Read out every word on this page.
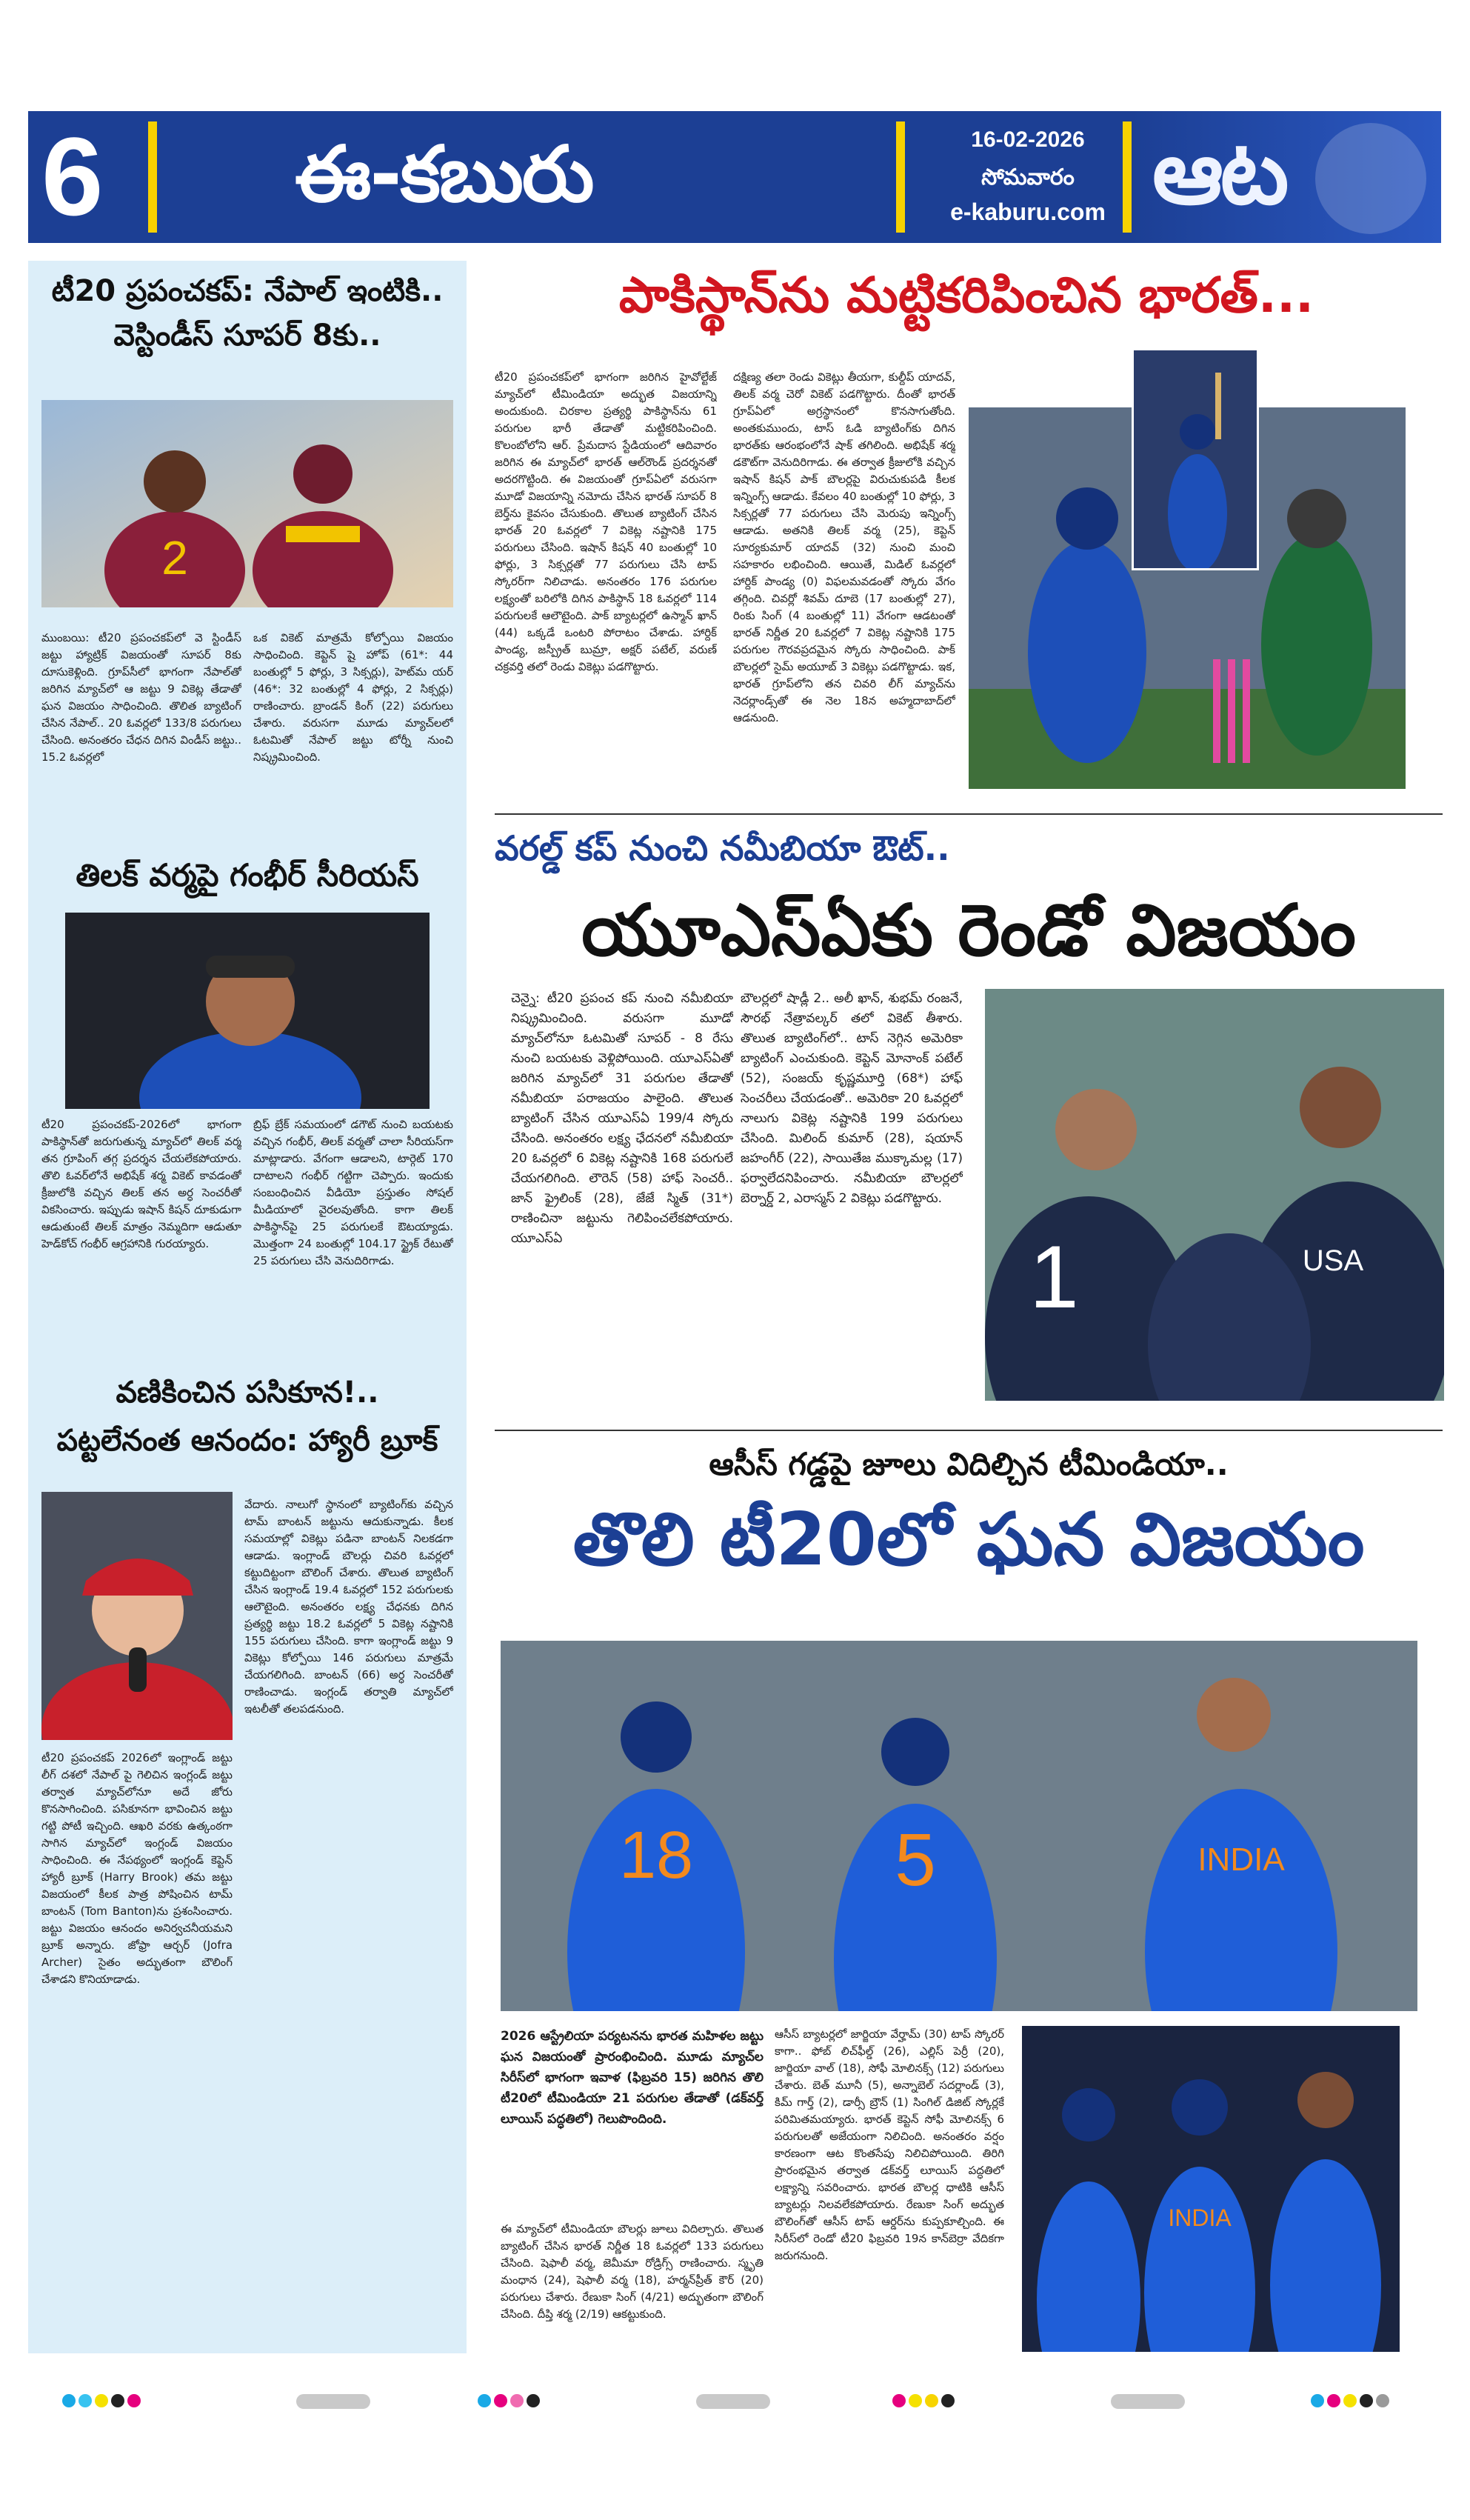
6 ఈ-కబురు	16-02-2026
సోమవారం
e-kaburu.com ఆట
టీ20 ప్రపంచకప్: నేపాల్ ఇంటికి..
వెస్టిండీస్ సూపర్ 8కు..
2
ముంబయి: టీ20 ప్రపంచకప్‌లో వె స్టిండీస్ జట్టు హ్యాట్రిక్ విజయంతో సూపర్ 8కు దూసుకెళ్లింది. గ్రూప్‌సీలో భాగంగా నేపాల్‌తో జరిగిన మ్యాచ్‌లో ఆ జట్టు 9 వికెట్ల తేడాతో ఘన విజయం సాధించింది. తొలిత బ్యాటింగ్ చేసిన నేపాల్.. 20 ఓవర్లలో 133/8 పరుగులు చేసింది. అనంతరం చేధన దిగిన విండీస్ జట్టు.. 15.2 ఓవర్లలో
ఒక వికెట్ మాత్రమే కోల్పోయి విజయం సాధించింది. కెప్టెన్ షై హోప్ (61*: 44 బంతుల్లో 5 ఫోర్లు, 3 సిక్సర్లు), హెట్‌మ యర్ (46*: 32 బంతుల్లో 4 ఫోర్లు, 2 సిక్సర్లు) రాణించారు. బ్రాండన్ కింగ్ (22) పరుగులు చేశారు. వరుసగా మూడు మ్యాచ్‌లలో ఓటమితో నేపాల్ జట్టు టోర్నీ నుంచి నిష్క్రమించింది.
తిలక్ వర్మపై గంభీర్ సీరియస్
టీ20 ప్రపంచకప్-2026లో భాగంగా పాకిస్థాన్‌తో జరుగుతున్న మ్యాచ్‌లో తిలక్ వర్మ తన గ్రూపింగ్ తగ్గ ప్రదర్శన చేయలేకపోయారు. తొలి ఓవర్‌లోనే అభిషేక్ శర్మ వికెట్ కావడంతో క్రీజులోకి వచ్చిన తిలక్ తన అర్ధ సెంచరీతో వికసించారు. ఇప్పుడు ఇషాన్ కిషన్ దూకుడుగా ఆడుతుంటే తిలక్ మాత్రం నెమ్మదిగా ఆడుతూ హెడ్‌కోచ్ గంభీర్ ఆగ్రహానికి గురయ్యారు.
బ్రిఫ్ బ్రేక్ సమయంలో డగౌట్ నుంచి బయటకు వచ్చిన గంభీర్, తిలక్ వర్మతో చాలా సీరియస్‌గా మాట్లాడారు. వేగంగా ఆడాలని, టార్గెట్ 170 దాటాలని గంభీర్ గట్టిగా చెప్పారు. ఇందుకు సంబంధించిన వీడియో ప్రస్తుతం సోషల్ మీడియాలో వైరలవుతోంది. కాగా తిలక్ పాకిస్థాన్‌పై 25 పరుగులకే ఔటయ్యాడు. మొత్తంగా 24 బంతుల్లో 104.17 స్ట్రైక్ రేటుతో 25 పరుగులు చేసి వెనుదిరిగాడు.
వణికించిన పసికూన!..
పట్టలేనంత ఆనందం: హ్యారీ బ్రూక్
టీ20 ప్రపంచకప్ 2026లో ఇంగ్లాండ్ జట్టు లీగ్ దశలో నేపాల్ పై గెలిచిన ఇంగ్లండ్ జట్టు తర్వాత మ్యాచ్‌లోనూ అదే జోరు కొనసాగించింది. పసికూనగా భావించిన జట్టు గట్టి పోటీ ఇచ్చింది. ఆఖరి వరకు ఉత్కంఠగా సాగిన మ్యాచ్‌లో ఇంగ్లండ్ విజయం సాధించింది. ఈ నేపథ్యంలో ఇంగ్లండ్ కెప్టెన్ హ్యారీ బ్రూక్ (Harry Brook) తమ జట్టు విజయంలో కీలక పాత్ర పోషించిన టామ్ బాంటన్ (Tom Banton)ను ప్రశంసించారు. జట్టు విజయం ఆనందం అనిర్వచనీయమని బ్రూక్ అన్నారు. జోఫ్రా ఆర్చర్ (Jofra Archer) సైతం అద్భుతంగా బౌలింగ్ చేశాడని కొనియాడాడు.
వేదారు. నాలుగో స్థానంలో బ్యాటింగ్‌కు వచ్చిన టామ్ బాంటన్ జట్టును ఆదుకున్నాడు. కీలక సమయాల్లో వికెట్లు పడినా బాంటన్ నిలకడగా ఆడాడు. ఇంగ్లాండ్ బౌలర్లు చివరి ఓవర్లలో కట్టుదిట్టంగా బౌలింగ్ చేశారు. తొలుత బ్యాటింగ్ చేసిన ఇంగ్లాండ్ 19.4 ఓవర్లలో 152 పరుగులకు ఆలౌటైంది. అనంతరం లక్ష్య చేధనకు దిగిన ప్రత్యర్థి జట్టు 18.2 ఓవర్లలో 5 వికెట్ల నష్టానికి 155 పరుగులు చేసింది. కాగా ఇంగ్లాండ్ జట్టు 9 వికెట్లు కోల్పోయి 146 పరుగులు మాత్రమే చేయగలిగింది. బాంటన్ (66) అర్ధ సెంచరీతో రాణించాడు. ఇంగ్లండ్ తర్వాతి మ్యాచ్‌లో ఇటలీతో తలపడనుంది.
పాకిస్థాన్‌ను మట్టికరిపించిన భారత్...
టీ20 ప్రపంచకప్‌లో భాగంగా జరిగిన హైవోల్టేజ్ మ్యాచ్‌లో టీమిండియా అద్భుత విజయాన్ని అందుకుంది. చిరకాల ప్రత్యర్థి పాకిస్థాన్‌ను 61 పరుగుల భారీ తేడాతో మట్టికరిపించింది. కొలంబోలోని ఆర్. ప్రేమదాస స్టేడియంలో ఆదివారం జరిగిన ఈ మ్యాచ్‌లో భారత్ ఆల్‌రౌండ్ ప్రదర్శనతో అదరగొట్టింది. ఈ విజయంతో గ్రూప్‌ఏలో వరుసగా మూడో విజయాన్ని నమోదు చేసిన భారత్ సూపర్ 8 బెర్త్‌ను కైవసం చేసుకుంది. తొలుత బ్యాటింగ్ చేసిన భారత్ 20 ఓవర్లలో 7 వికెట్ల నష్టానికి 175 పరుగులు చేసింది. ఇషాన్ కిషన్ 40 బంతుల్లో 10 ఫోర్లు, 3 సిక్సర్లతో 77 పరుగులు చేసి టాప్ స్కోరర్‌గా నిలిచాడు. అనంతరం 176 పరుగుల లక్ష్యంతో బరిలోకి దిగిన పాకిస్థాన్ 18 ఓవర్లలో 114 పరుగులకే ఆలౌటైంది. పాక్ బ్యాటర్లలో ఉస్మాన్ ఖాన్ (44) ఒక్కడే ఒంటరి పోరాటం చేశాడు. హార్దిక్ పాండ్య, జస్ప్రీత్ బుమ్రా, అక్షర్ పటేల్, వరుణ్ చక్రవర్తి తలో రెండు వికెట్లు పడగొట్టారు.
దక్షిణ్య తలా రెండు వికెట్లు తీయగా, కుల్దీప్ యాదవ్, తిలక్ వర్మ చెరో వికెట్ పడగొట్టారు. దీంతో భారత్ గ్రూప్‌ఏలో అగ్రస్థానంలో కొనసాగుతోంది. అంతకుముందు, టాస్ ఓడి బ్యాటింగ్‌కు దిగిన భారత్‌కు ఆరంభంలోనే షాక్ తగిలింది. అభిషేక్ శర్మ డకౌట్‌గా వెనుదిరిగాడు. ఈ తర్వాత క్రీజులోకి వచ్చిన ఇషాన్ కిషన్ పాక్ బౌలర్లపై విరుచుకుపడి కీలక ఇన్నింగ్స్ ఆడాడు. కేవలం 40 బంతుల్లో 10 ఫోర్లు, 3 సిక్సర్లతో 77 పరుగులు చేసి మెరుపు ఇన్నింగ్స్ ఆడాడు. అతనికి తిలక్ వర్మ (25), కెప్టెన్ సూర్యకుమార్ యాదవ్ (32) నుంచి మంచి సహకారం లభించింది. ఆయితే, మిడిల్ ఓవర్లలో హార్దిక్ పాండ్య (0) విఫలమవడంతో స్కోరు వేగం తగ్గింది. చివర్లో శివమ్ దూబె (17 బంతుల్లో 27), రింకు సింగ్ (4 బంతుల్లో 11) వేగంగా ఆడటంతో భారత్ నిర్ణీత 20 ఓవర్లలో 7 వికెట్ల నష్టానికి 175 పరుగుల గౌరవప్రదమైన స్కోరు సాధించింది. పాక్ బౌలర్లలో సైమ్ అయూబ్ 3 వికెట్లు పడగొట్టాడు. ఇక, భారత్ గ్రూప్‌లోని తన చివరి లీగ్ మ్యాచ్‌ను నెదర్లాండ్స్‌తో ఈ నెల 18న అహ్మదాబాద్‌లో ఆడనుంది.
వరల్డ్ కప్ నుంచి నమీబియా ఔట్..
యూఎస్ఏకు రెండో విజయం
చెన్నై: టీ20 ప్రపంచ కప్ నుంచి నమీబియా నిష్క్రమించింది. వరుసగా మూడో మ్యాచ్‌లోనూ ఓటమితో సూపర్ - 8 రేసు నుంచి బయటకు వెళ్లిపోయింది. యూఎస్ఏతో జరిగిన మ్యాచ్‌లో 31 పరుగుల తేడాతో నమీబియా పరాజయం పాలైంది. తొలుత బ్యాటింగ్ చేసిన యూఎస్ఏ 199/4 స్కోరు చేసింది. అనంతరం లక్ష్య ఛేదనలో నమీబియా 20 ఓవర్లలో 6 వికెట్ల నష్టానికి 168 పరుగులే చేయగలిగింది. లౌరెన్ (58) హాఫ్ సెంచరీ.. జాన్ ఫ్రైలింక్ (28), జేజే స్మిత్ (31*) రాణించినా జట్టును గెలిపించలేకపోయారు. యూఎస్ఏ
బౌలర్లలో షాడ్లీ 2.. అలీ ఖాన్, శుభమ్ రంజనే, సౌరభ్ నేత్రావల్కర్ తలో వికెట్ తీశారు. తొలుత బ్యాటింగ్‌లో.. టాస్ నెగ్గిన అమెరికా బ్యాటింగ్ ఎంచుకుంది. కెప్టెన్ మోనాంక్ పటేల్ (52), సంజయ్ కృష్ణమూర్తి (68*) హాఫ్ సెంచరీలు చేయడంతో.. అమెరికా 20 ఓవర్లలో నాలుగు వికెట్ల నష్టానికి 199 పరుగులు చేసింది. మిలింద్ కుమార్ (28), షయాన్ జహంగీర్ (22), సాయితేజ ముక్కామల్ల (17) ఫర్వాలేదనిపించారు. నమీబియా బౌలర్లలో బెర్నార్డ్ 2, ఎరాస్మస్ 2 వికెట్లు పడగొట్టారు.
USA
1
ఆసీస్ గడ్డపై జూలు విదిల్చిన టీమిండియా..
తొలి టీ20లో ఘన విజయం
18	5	INDIA
2026 ఆస్ట్రేలియా పర్యటనను భారత మహిళల జట్టు ఘన విజయంతో ప్రారంభించింది. మూడు మ్యాచ్‌ల సిరీస్‌లో భాగంగా ఇవాళ (ఫిబ్రవరి 15) జరిగిన తొలి టీ20లో టీమిండియా 21 పరుగుల తేడాతో (డక్‌వర్త్ లూయిస్ పద్ధతిలో) గెలుపొందింది.
ఈ మ్యాచ్‌లో టీమిండియా బౌలర్లు జూలు విదిల్చారు. తొలుత బ్యాటింగ్ చేసిన భారత్ నిర్ణీత 18 ఓవర్లలో 133 పరుగులు చేసింది. షెఫాలీ వర్మ, జెమీమా రోడ్రిగ్స్ రాణించారు. స్మృతి మంధాన (24), షెఫాలీ వర్మ (18), హర్మన్‌ప్రీత్ కౌర్ (20) పరుగులు చేశారు. రేణుకా సింగ్ (4/21) అద్భుతంగా బౌలింగ్ చేసింది. దీప్తి శర్మ (2/19) ఆకట్టుకుంది.
ఆసీస్ బ్యాటర్లలో జార్జియా వేర్హామ్ (30) టాప్ స్కోరర్ కాగా.. ఫోబ్ లిచ్‌ఫీల్డ్ (26), ఎల్లిస్ పెర్రీ (20), జార్జియా వాల్ (18), సోఫీ మోలినక్స్ (12) పరుగులు చేశారు. బెత్ మూనీ (5), అన్నాబెల్ సదర్లాండ్ (3), కిమ్ గార్త్ (2), డార్సీ బ్రౌన్ (1) సింగిల్ డిజిట్ స్కోర్లకే పరిమితమయ్యారు. భారత్ కెప్టెన్ సోఫీ మోలినక్స్ 6 పరుగులతో అజేయంగా నిలిచింది. అనంతరం వర్షం కారణంగా ఆట కొంతసేపు నిలిచిపోయింది. తిరిగి ప్రారంభమైన తర్వాత డక్‌వర్త్ లూయిస్ పద్ధతిలో లక్ష్యాన్ని సవరించారు. భారత బౌలర్ల ధాటికి ఆసీస్ బ్యాటర్లు నిలవలేకపోయారు. రేణుకా సింగ్ అద్భుత బౌలింగ్‌తో ఆసీస్ టాప్ ఆర్డర్‌ను కుప్పకూల్చింది. ఈ సిరీస్‌లో రెండో టీ20 ఫిబ్రవరి 19న కాన్‌బెర్రా వేదికగా జరుగనుంది.
INDIA
